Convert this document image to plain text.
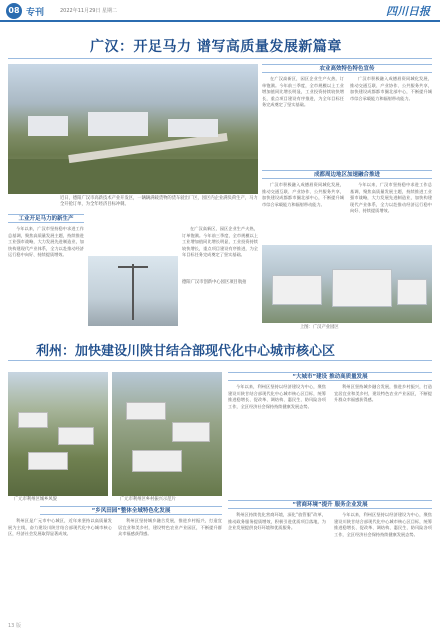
08 专刊	2022年11月29日 星期二	四川日报
广汉：开足马力 谱写高质量发展新篇章
近日，德阳广汉市高新技术产业开发区，一辆辆满载货物的货车驶出厂区，园区内企业满负荷生产，马力全开抢订单，为全年经济目标冲刺。
农业高效特色特色宣传

在广汉高新区，园区企业生产火热，订单饱满。今年前三季度，全市规模以上工业增加值同比增长明显，工业投资持续较快增长，重点项目建设有序推进，为全年目标任务完成奠定了坚实基础。

广汉市积极融入成德眉资同城化发展，推动交通互联、产业协作、公共服务共享，加快建设成都都市圈北部中心，不断提升城市综合承载能力和辐射带动能力。

成都周边地区加速融合推进

广汉市积极融入成德眉资同城化发展，推动交通互联、产业协作、公共服务共享，加快建设成都都市圈北部中心，不断提升城市综合承载能力和辐射带动能力。

今年以来，广汉市坚持稳中求进工作总基调，聚焦高质量发展主题，持续推进工业强市战略，大力发展先进制造业，加快构建现代产业体系，全力以赴推动经济运行稳中向好、持续提质增效。

工业开足马力的新生产

今年以来，广汉市坚持稳中求进工作总基调，聚焦高质量发展主题，持续推进工业强市战略，大力发展先进制造业，加快构建现代产业体系，全力以赴推动经济运行稳中向好、持续提质增效。

德阳广汉市创新中心园区项目航拍

在广汉高新区，园区企业生产火热，订单饱满。今年前三季度，全市规模以上工业增加值同比增长明显，工业投资持续较快增长，重点项目建设有序推进，为全年目标任务完成奠定了坚实基础。

上图：广汉产业园区
利州：加快建设川陕甘结合部现代化中心城市核心区
广元市利州区城乡风貌	广元市利州区乡村振兴示范片
“大城市”建设 推动高质量发展

今年以来，利州区坚持以经济建设为中心，聚焦建设川陕甘结合部现代化中心城市核心区目标，统筹推进稳增长、促改革、调结构、惠民生、防风险各项工作，全区经济社会保持持续健康发展态势。

利州区坚持城乡融合发展，推进乡村振兴，打造宜居宜业和美乡村，建设特色农业产业园区，不断提升群众幸福感获得感。

“营商环境”提升 服务企业发展

利州区持续优化营商环境，深化“放管服”改革，推动政务服务提质增效，积极引进优质项目落地，为企业发展提供良好环境和优质服务。

今年以来，利州区坚持以经济建设为中心，聚焦建设川陕甘结合部现代化中心城市核心区目标，统筹推进稳增长、促改革、调结构、惠民生、防风险各项工作，全区经济社会保持持续健康发展态势。

“乡风田园”整体全域特色化发展

利州区是广元市中心城区，近年来坚持以高质量发展为主线，奋力建设川陕甘结合部现代化中心城市核心区，经济社会发展取得显著成效。

利州区坚持城乡融合发展，推进乡村振兴，打造宜居宜业和美乡村，建设特色农业产业园区，不断提升群众幸福感获得感。

13 版
